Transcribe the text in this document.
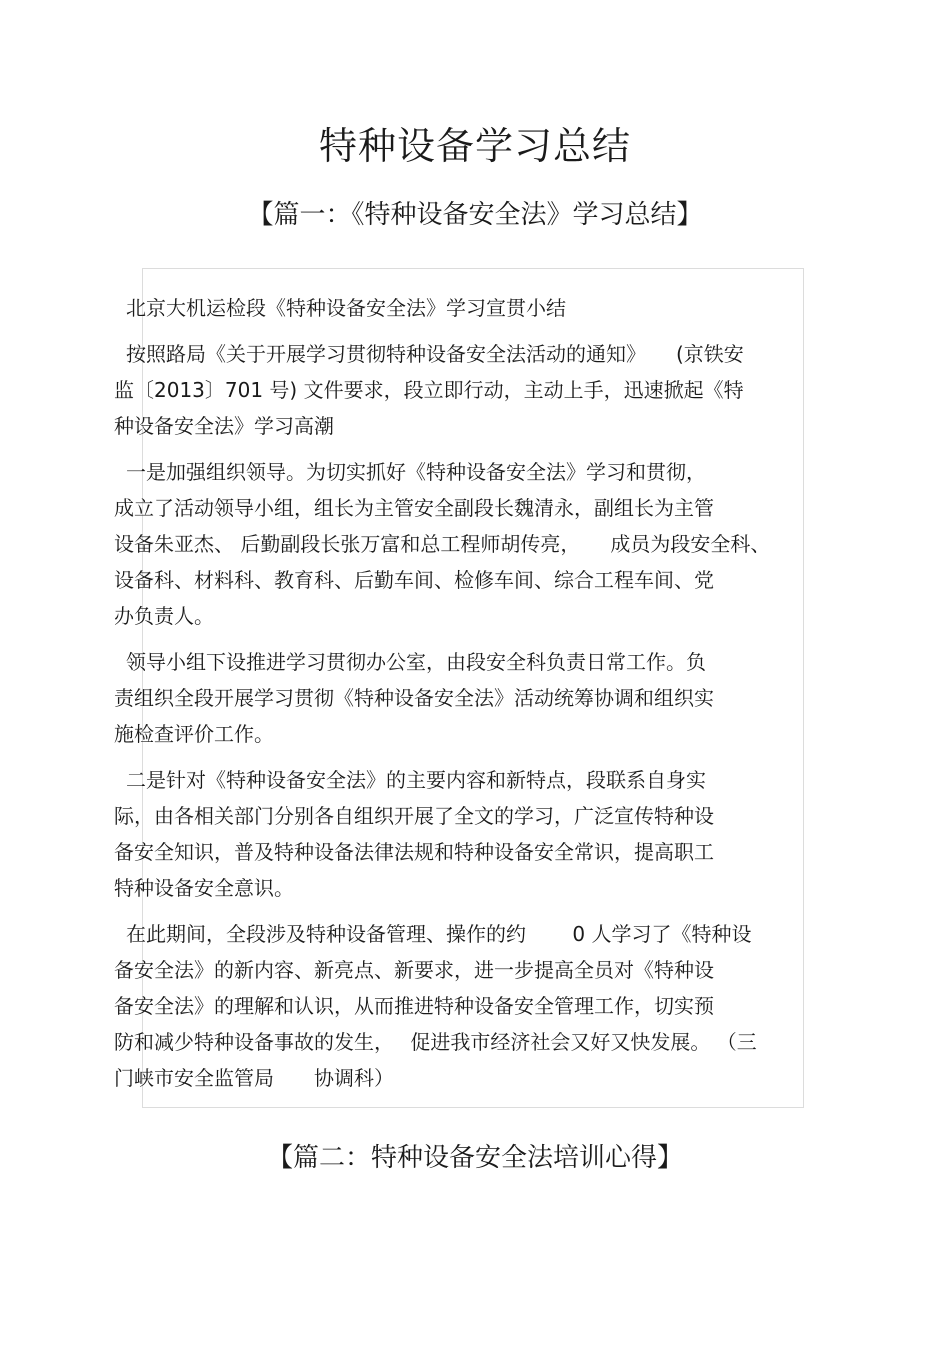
特种设备学习总结
【篇一：《特种设备安全法》学习总结】
北京大机运检段《特种设备安全法》学习宣贯小结
按照路局《关于开展学习贯彻特种设备安全法活动的通知》　　(京铁安
监〔2013〕701 号) 文件要求，段立即行动，主动上手，迅速掀起《特
种设备安全法》学习高潮
一是加强组织领导。为切实抓好《特种设备安全法》学习和贯彻，
成立了活动领导小组，组长为主管安全副段长魏清永，副组长为主管
设备朱亚杰、 后勤副段长张万富和总工程师胡传亮，　　成员为段安全科、
设备科、材料科、教育科、后勤车间、检修车间、综合工程车间、党
办负责人。
领导小组下设推进学习贯彻办公室，由段安全科负责日常工作。负
责组织全段开展学习贯彻《特种设备安全法》活动统筹协调和组织实
施检查评价工作。
二是针对《特种设备安全法》的主要内容和新特点，段联系自身实
际，由各相关部门分别各自组织开展了全文的学习，广泛宣传特种设
备安全知识，普及特种设备法律法规和特种设备安全常识，提高职工
特种设备安全意识。
在此期间，全段涉及特种设备管理、操作的约　　 0 人学习了《特种设
备安全法》的新内容、新亮点、新要求，进一步提高全员对《特种设
备安全法》的理解和认识，从而推进特种设备安全管理工作，切实预
防和减少特种设备事故的发生，　 促进我市经济社会又好又快发展。 （三
门峡市安全监管局　　协调科）
【篇二：特种设备安全法培训心得】
